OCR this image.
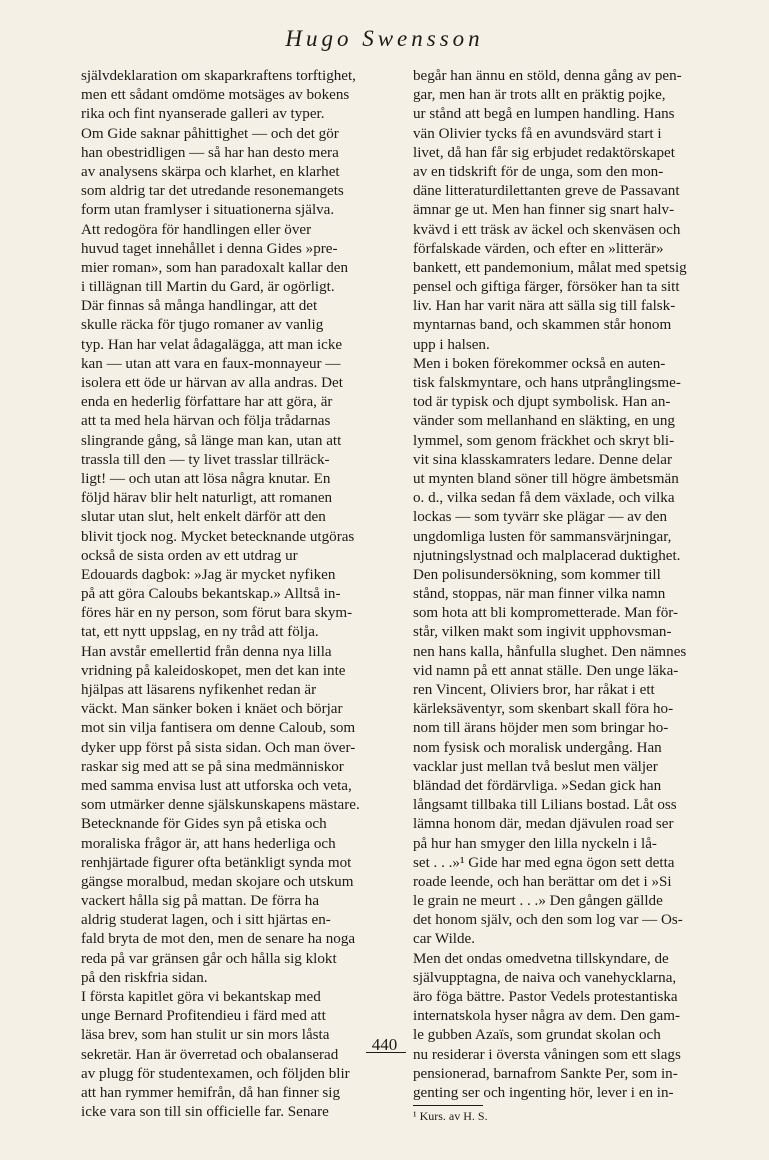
Hugo Swensson
självdeklaration om skaparkraftens torftighet,
men ett sådant omdöme motsäges av bokens
rika och fint nyanserade galleri av typer.
Om Gide saknar påhittighet — och det gör
han obestridligen — så har han desto mera
av analysens skärpa och klarhet, en klarhet
som aldrig tar det utredande resonemangets
form utan framlyser i situationerna själva.
Att redogöra för handlingen eller över
huvud taget innehållet i denna Gides »pre-
mier roman», som han paradoxalt kallar den
i tillägnan till Martin du Gard, är ogörligt.
Där finnas så många handlingar, att det
skulle räcka för tjugo romaner av vanlig
typ. Han har velat ådagalägga, att man icke
kan — utan att vara en faux-monnayeur —
isolera ett öde ur härvan av alla andras. Det
enda en hederlig författare har att göra, är
att ta med hela härvan och följa trådarnas
slingrande gång, så länge man kan, utan att
trassla till den — ty livet trasslar tillräck-
ligt! — och utan att lösa några knutar. En
följd härav blir helt naturligt, att romanen
slutar utan slut, helt enkelt därför att den
blivit tjock nog. Mycket betecknande utgöras
också de sista orden av ett utdrag ur
Edouards dagbok: »Jag är mycket nyfiken
på att göra Caloubs bekantskap.» Alltså in-
föres här en ny person, som förut bara skym-
tat, ett nytt uppslag, en ny tråd att följa.
Han avstår emellertid från denna nya lilla
vridning på kaleidoskopet, men det kan inte
hjälpas att läsarens nyfikenhet redan är
väckt. Man sänker boken i knäet och börjar
mot sin vilja fantisera om denne Caloub, som
dyker upp först på sista sidan. Och man över-
raskar sig med att se på sina medmänniskor
med samma envisa lust att utforska och veta,
som utmärker denne själskunskapens mästare.
Betecknande för Gides syn på etiska och
moraliska frågor är, att hans hederliga och
renhjärtade figurer ofta betänkligt synda mot
gängse moralbud, medan skojare och utskum
vackert hålla sig på mattan. De förra ha
aldrig studerat lagen, och i sitt hjärtas en-
fald bryta de mot den, men de senare ha noga
reda på var gränsen går och hålla sig klokt
på den riskfria sidan.
I första kapitlet göra vi bekantskap med
unge Bernard Profitendieu i färd med att
läsa brev, som han stulit ur sin mors låsta
sekretär. Han är överretad och obalanserad
av plugg för studentexamen, och följden blir
att han rymmer hemifrån, då han finner sig
icke vara son till sin officielle far. Senare
begår han ännu en stöld, denna gång av pen-
gar, men han är trots allt en präktig pojke,
ur stånd att begå en lumpen handling. Hans
vän Olivier tycks få en avundsvärd start i
livet, då han får sig erbjudet redaktörskapet
av en tidskrift för de unga, som den mon-
däne litteraturdilettanten greve de Passavant
ämnar ge ut. Men han finner sig snart halv-
kvävd i ett träsk av äckel och skenväsen och
förfalskade värden, och efter en »litterär»
bankett, ett pandemonium, målat med spetsig
pensel och giftiga färger, försöker han ta sitt
liv. Han har varit nära att sälla sig till falsk-
myntarnas band, och skammen står honom
upp i halsen.
Men i boken förekommer också en auten-
tisk falskmyntare, och hans utprånglingsme-
tod är typisk och djupt symbolisk. Han an-
vänder som mellanhand en släkting, en ung
lymmel, som genom fräckhet och skryt bli-
vit sina klasskamraters ledare. Denne delar
ut mynten bland söner till högre ämbetsmän
o. d., vilka sedan få dem växlade, och vilka
lockas — som tyvärr ske plägar — av den
ungdomliga lusten för sammansvärjningar,
njutningslystnad och malplacerad duktighet.
Den polisundersökning, som kommer till
stånd, stoppas, när man finner vilka namn
som hota att bli komprometterade. Man för-
står, vilken makt som ingivit upphovsman-
nen hans kalla, hånfulla slughet. Den nämnes
vid namn på ett annat ställe. Den unge läka-
ren Vincent, Oliviers bror, har råkat i ett
kärleksäventyr, som skenbart skall föra ho-
nom till ärans höjder men som bringar ho-
nom fysisk och moralisk undergång. Han
vacklar just mellan två beslut men väljer
bländad det fördärvliga. »Sedan gick han
långsamt tillbaka till Lilians bostad. Låt oss
lämna honom där, medan djävulen road ser
på hur han smyger den lilla nyckeln i lå-
set . . .»¹ Gide har med egna ögon sett detta
roade leende, och han berättar om det i »Si
le grain ne meurt . . .» Den gången gällde
det honom själv, och den som log var — Os-
car Wilde.
Men det ondas omedvetna tillskyndare, de
självupptagna, de naiva och vanehycklarna,
äro föga bättre. Pastor Vedels protestantiska
internatskola hyser några av dem. Den gam-
le gubben Azaïs, som grundat skolan och
nu residerar i översta våningen som ett slags
pensionerad, barnafrom Sankte Per, som in-
genting ser och ingenting hör, lever i en in-
¹ Kurs. av H. S.
440
